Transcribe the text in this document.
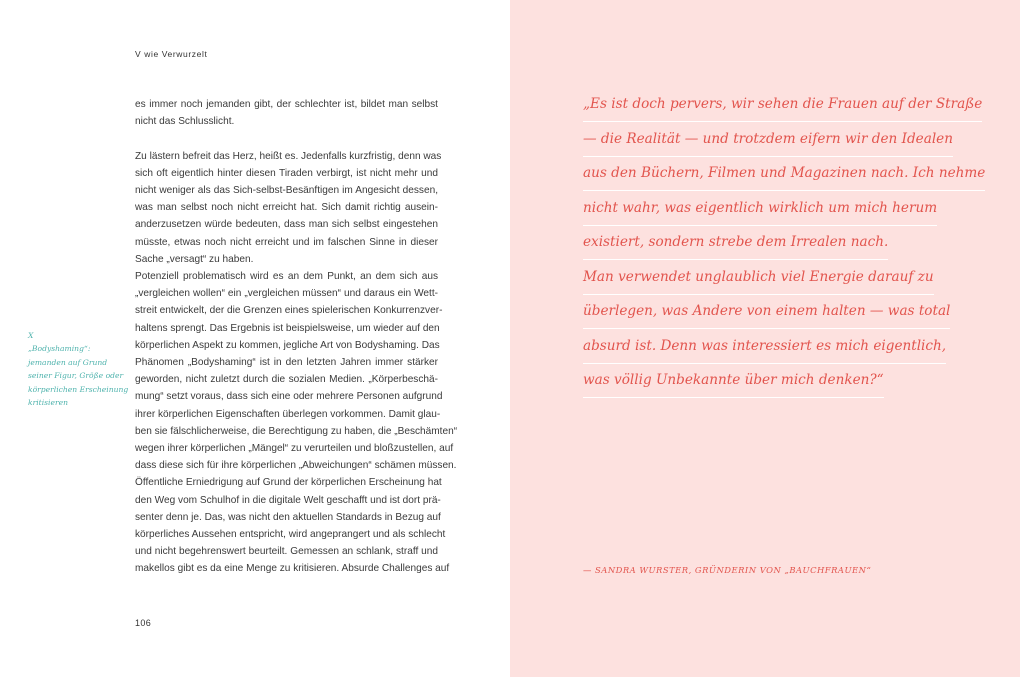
V wie Verwurzelt
X
„Bodyshaming“:
jemanden auf Grund
seiner Figur, Größe oder
körperlichen Erscheinung
kritisieren

es immer noch jemanden gibt, der schlechter ist, bildet man selbst
nicht das Schlusslicht.

Zu lästern befreit das Herz, heißt es. Jedenfalls kurzfristig, denn was
sich oft eigentlich hinter diesen Tiraden verbirgt, ist nicht mehr und
nicht weniger als das Sich-selbst-Besänftigen im Angesicht dessen,
was man selbst noch nicht erreicht hat. Sich damit richtig ausein-
anderzusetzen würde bedeuten, dass man sich selbst eingestehen
müsste, etwas noch nicht erreicht und im falschen Sinne in dieser
Sache „versagt“ zu haben.

Potenziell problematisch wird es an dem Punkt, an dem sich aus
„vergleichen wollen“ ein „vergleichen müssen“ und daraus ein Wett-
streit entwickelt, der die Grenzen eines spielerischen Konkurrenzver-
haltens sprengt. Das Ergebnis ist beispielsweise, um wieder auf den
körperlichen Aspekt zu kommen, jegliche Art von Bodyshaming. Das
Phänomen „Bodyshaming“ ist in den letzten Jahren immer stärker
geworden, nicht zuletzt durch die sozialen Medien. „Körperbeschä-
mung“ setzt voraus, dass sich eine oder mehrere Personen aufgrund
ihrer körperlichen Eigenschaften überlegen vorkommen. Damit glau-
ben sie fälschlicherweise, die Berechtigung zu haben, die „Beschämten“
wegen ihrer körperlichen „Mängel“ zu verurteilen und bloßzustellen, auf
dass diese sich für ihre körperlichen „Abweichungen“ schämen müssen.
Öffentliche Erniedrigung auf Grund der körperlichen Erscheinung hat
den Weg vom Schulhof in die digitale Welt geschafft und ist dort prä-
senter denn je. Das, was nicht den aktuellen Standards in Bezug auf
körperliches Aussehen entspricht, wird angeprangert und als schlecht
und nicht begehrenswert beurteilt. Gemessen an schlank, straff und
makellos gibt es da eine Menge zu kritisieren. Absurde Challenges auf

106
„Es ist doch pervers, wir sehen die Frauen auf der Straße
— die Realität — und trotzdem eifern wir den Idealen
aus den Büchern, Filmen und Magazinen nach. Ich nehme
nicht wahr, was eigentlich wirklich um mich herum
existiert, sondern strebe dem Irrealen nach.
Man verwendet unglaublich viel Energie darauf zu
überlegen, was Andere von einem halten — was total
absurd ist. Denn was interessiert es mich eigentlich,
was völlig Unbekannte über mich denken?“
— SANDRA WURSTER, GRÜNDERIN VON „BAUCHFRAUEN“
